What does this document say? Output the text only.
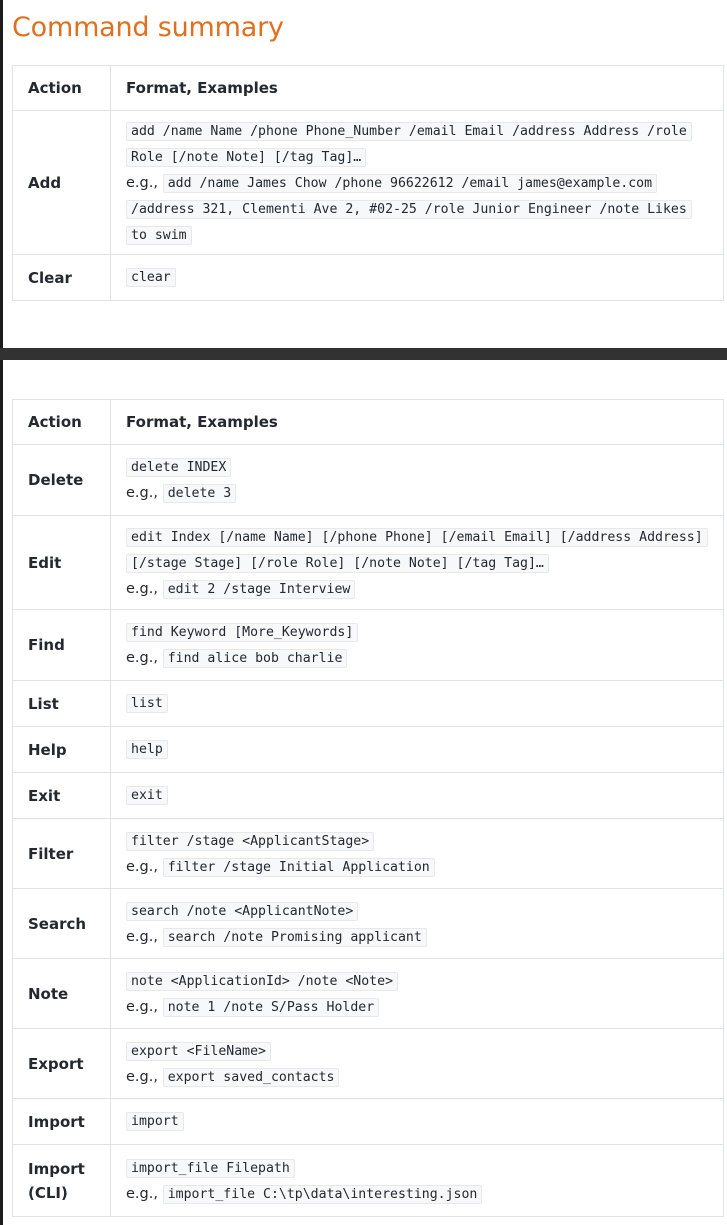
Command summary
Action	Format, Examples
Add	add /name Name /phone Phone_Number /email Email /address Address /role Role [/note Note] [/tag Tag]…
e.g., add /name James Chow /phone 96622612 /email james@example.com /address 321, Clementi Ave 2, #02-25 /role Junior Engineer /note Likes to swim

Clear	clear
Action	Format, Examples
Delete	delete INDEX
e.g., delete 3

Edit	edit Index [/name Name] [/phone Phone] [/email Email] [/address Address] [/stage Stage] [/role Role] [/note Note] [/tag Tag]…
e.g., edit 2 /stage Interview

Find	find Keyword [More_Keywords]
e.g., find alice bob charlie

List	list
Help	help
Exit	exit
Filter	filter /stage <ApplicantStage>
e.g., filter /stage Initial Application

Search	search /note <ApplicantNote>
e.g., search /note Promising applicant

Note	note <ApplicationId> /note <Note>
e.g., note 1 /note S/Pass Holder

Export	export <FileName>
e.g., export saved_contacts

Import	import
Import (CLI)	import_file Filepath
e.g., import_file C:\tp\data\interesting.json
